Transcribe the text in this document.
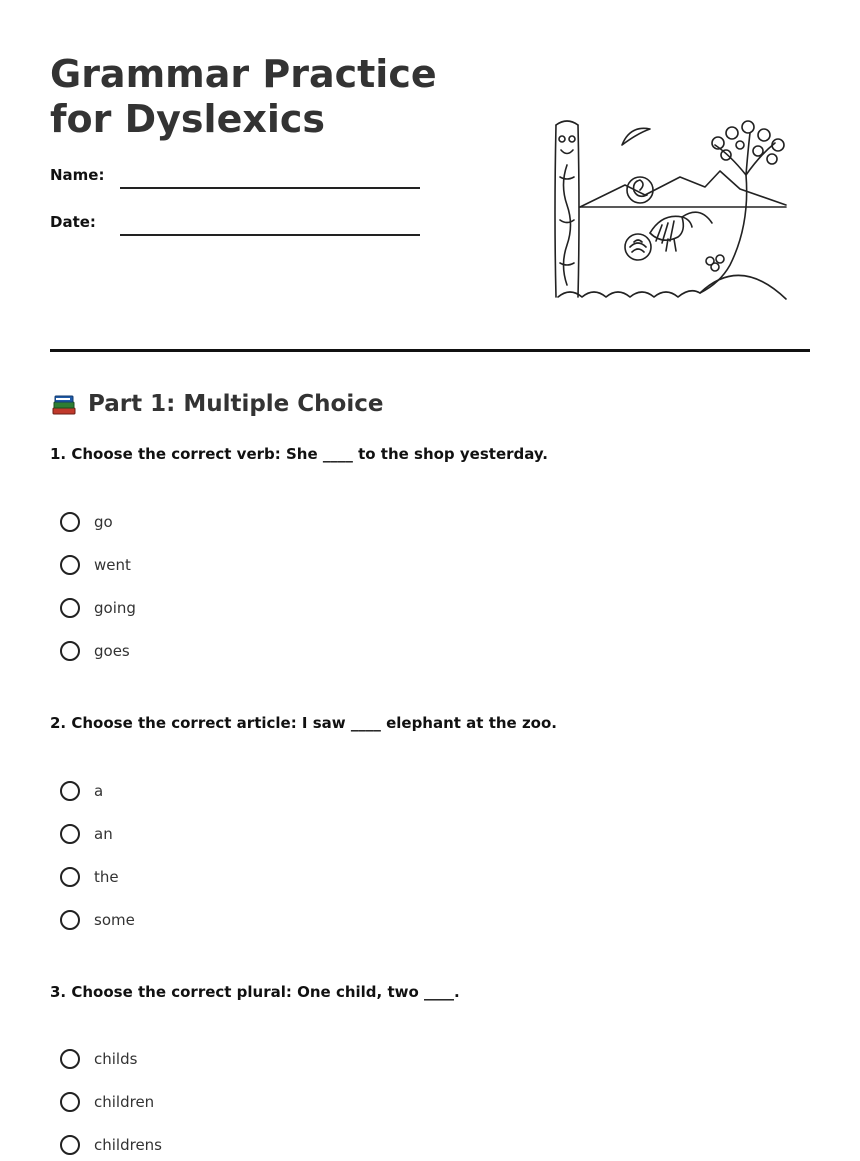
Grammar Practice for Dyslexics
Name:
Date:
Part 1: Multiple Choice

1. Choose the correct verb: She ____ to the shop yesterday.

go
went
going
goes

2. Choose the correct article: I saw ____ elephant at the zoo.

a
an
the
some

3. Choose the correct plural: One child, two ____.

childs
children
childrens
